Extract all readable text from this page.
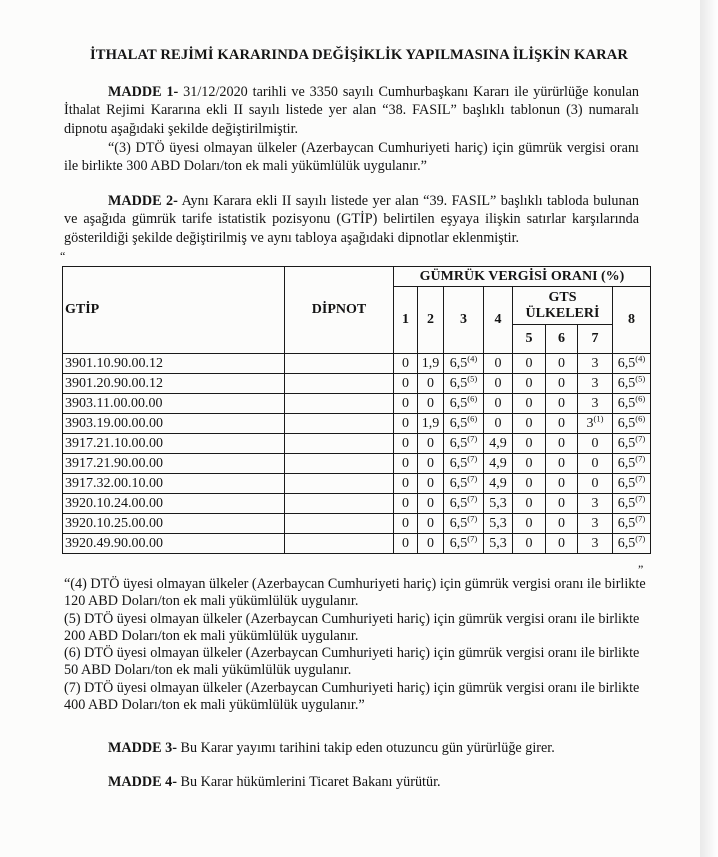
İTHALAT REJİMİ KARARINDA DEĞİŞİKLİK YAPILMASINA İLİŞKİN KARAR

MADDE 1- 31/12/2020 tarihli ve 3350 sayılı Cumhurbaşkanı Kararı ile yürürlüğe konulan İthalat Rejimi Kararına ekli II sayılı listede yer alan “38. FASIL” başlıklı tablonun (3) numaralı dipnotu aşağıdaki şekilde değiştirilmiştir.

“(3) DTÖ üyesi olmayan ülkeler (Azerbaycan Cumhuriyeti hariç) için gümrük vergisi oranı ile birlikte 300 ABD Doları/ton ek mali yükümlülük uygulanır.”

MADDE 2- Aynı Karara ekli II sayılı listede yer alan “39. FASIL” başlıklı tabloda bulunan ve aşağıda gümrük tarife istatistik pozisyonu (GTİP) belirtilen eşyaya ilişkin satırlar karşılarında gösterildiği şekilde değiştirilmiş ve aynı tabloya aşağıdaki dipnotlar eklenmiştir.

“
GTİP	DİPNOT	GÜMRÜK VERGİSİ ORANI (%)							
		1	2	3	4	GTS ÜLKELERİ			8
						5	6	7	
3901.10.90.00.12		0	1,9	6,5$^{(4)}$	0	0	0	3	6,5$^{(4)}$
3901.20.90.00.12		0	0	6,5$^{(5)}$	0	0	0	3	6,5$^{(5)}$
3903.11.00.00.00		0	0	6,5$^{(6)}$	0	0	0	3	6,5$^{(6)}$
3903.19.00.00.00		0	1,9	6,5$^{(6)}$	0	0	0	3$^{(1)}$	6,5$^{(6)}$
3917.21.10.00.00		0	0	6,5$^{(7)}$	4,9	0	0	0	6,5$^{(7)}$
3917.21.90.00.00		0	0	6,5$^{(7)}$	4,9	0	0	0	6,5$^{(7)}$
3917.32.00.10.00		0	0	6,5$^{(7)}$	4,9	0	0	0	6,5$^{(7)}$
3920.10.24.00.00		0	0	6,5$^{(7)}$	5,3	0	0	3	6,5$^{(7)}$
3920.10.25.00.00		0	0	6,5$^{(7)}$	5,3	0	0	3	6,5$^{(7)}$
3920.49.90.00.00		0	0	6,5$^{(7)}$	5,3	0	0	3	6,5$^{(7)}$
”

“(4) DTÖ üyesi olmayan ülkeler (Azerbaycan Cumhuriyeti hariç) için gümrük vergisi oranı ile birlikte 120 ABD Doları/ton ek mali yükümlülük uygulanır.

(5) DTÖ üyesi olmayan ülkeler (Azerbaycan Cumhuriyeti hariç) için gümrük vergisi oranı ile birlikte 200 ABD Doları/ton ek mali yükümlülük uygulanır.

(6) DTÖ üyesi olmayan ülkeler (Azerbaycan Cumhuriyeti hariç) için gümrük vergisi oranı ile birlikte 50 ABD Doları/ton ek mali yükümlülük uygulanır.

(7) DTÖ üyesi olmayan ülkeler (Azerbaycan Cumhuriyeti hariç) için gümrük vergisi oranı ile birlikte 400 ABD Doları/ton ek mali yükümlülük uygulanır.”

MADDE 3- Bu Karar yayımı tarihini takip eden otuzuncu gün yürürlüğe girer.

MADDE 4- Bu Karar hükümlerini Ticaret Bakanı yürütür.
